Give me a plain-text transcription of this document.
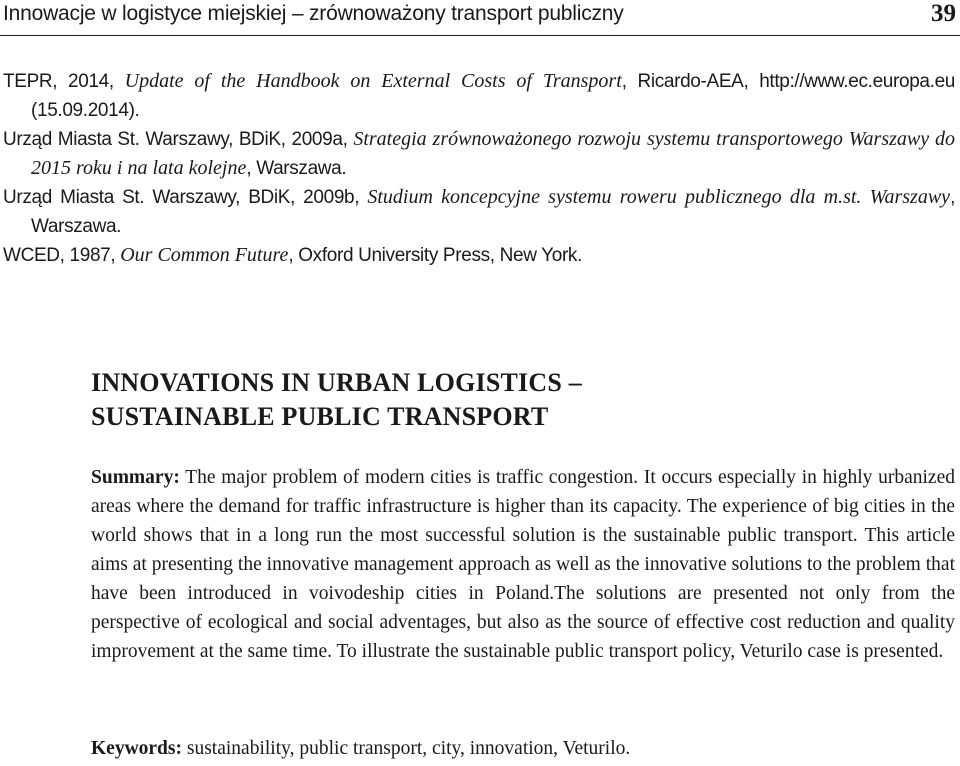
Innowacje w logistyce miejskiej – zrównoważony transport publiczny	39
TEPR, 2014, Update of the Handbook on External Costs of Transport, Ricardo-AEA, http://www.ec.europa.eu (15.09.2014).
Urząd Miasta St. Warszawy, BDiK, 2009a, Strategia zrównoważonego rozwoju systemu transportowego Warszawy do 2015 roku i na lata kolejne, Warszawa.
Urząd Miasta St. Warszawy, BDiK, 2009b, Studium koncepcyjne systemu roweru publicznego dla m.st. Warszawy, Warszawa.
WCED, 1987, Our Common Future, Oxford University Press, New York.
INNOVATIONS IN URBAN LOGISTICS –
SUSTAINABLE PUBLIC TRANSPORT
Summary: The major problem of modern cities is traffic congestion. It occurs especially in highly urbanized areas where the demand for traffic infrastructure is higher than its capacity. The experience of big cities in the world shows that in a long run the most successful solution is the sustainable public transport. This article aims at presenting the innovative management approach as well as the innovative solutions to the problem that have been introduced in voivodeship cities in Poland.The solutions are presented not only from the perspective of ecological and social adventages, but also as the source of effective cost reduction and quality improvement at the same time. To illustrate the sustainable public transport policy, Veturilo case is presented.
Keywords: sustainability, public transport, city, innovation, Veturilo.
